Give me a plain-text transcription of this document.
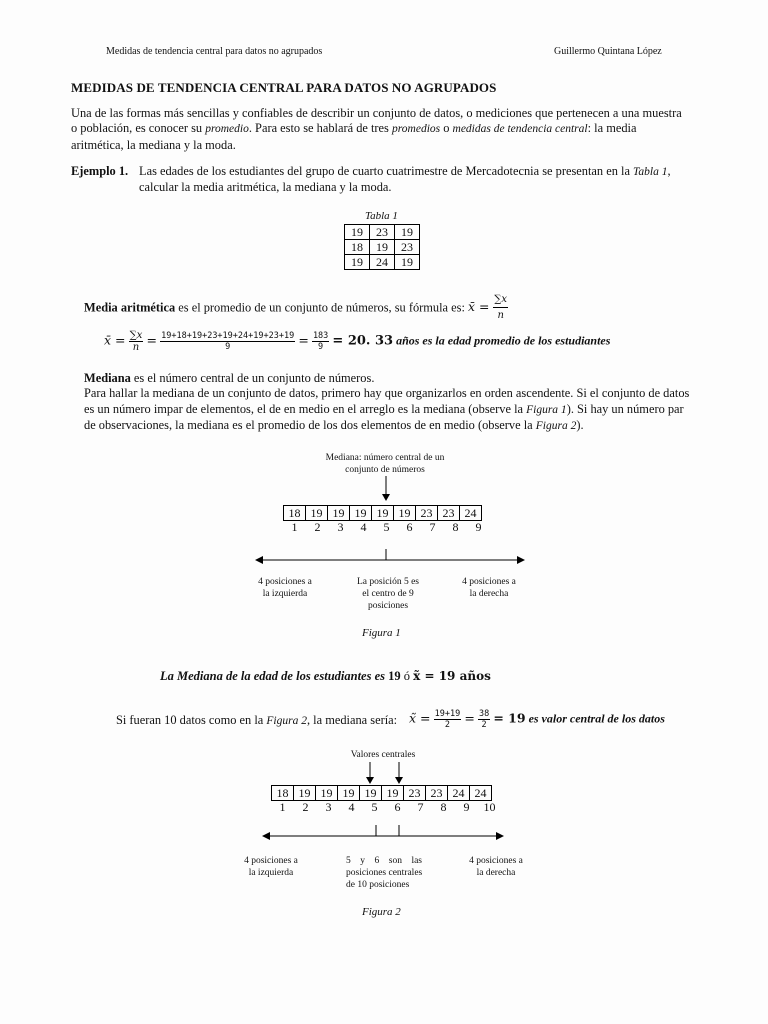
Medidas de tendencia central para datos no agrupados	Guillermo Quintana López
MEDIDAS DE TENDENCIA CENTRAL PARA DATOS NO AGRUPADOS
Una de las formas más sencillas y confiables de describir un conjunto de datos, o mediciones que pertenecen a una muestra
o población, es conocer su promedio. Para esto se hablará de tres promedios o medidas de tendencia central: la media
aritmética, la mediana y la moda.
Ejemplo 1. Las edades de los estudiantes del grupo de cuarto cuatrimestre de Mercadotecnia se presentan en la Tabla 1,
calcular la media aritmética, la mediana y la moda.
Tabla 1
19	23	19
18	19	23
19	24	19
Media aritmética es el promedio de un conjunto de números, su fórmula es: x̄ = $\frac{\sum x}{n}$
x̄ = $\frac{\sum x}{n} = \frac{19+18+19+23+19+24+19+23+19}{9} = \frac{183}{9} = 20$. 33 años es la edad promedio de los estudiantes
Mediana es el número central de un conjunto de números.
Para hallar la mediana de un conjunto de datos, primero hay que organizarlos en orden ascendente. Si el conjunto de datos
es un número impar de elementos, el de en medio en el arreglo es la mediana (observe la Figura 1). Si hay un número par
de observaciones, la mediana es el promedio de los dos elementos de en medio (observe la Figura 2).
Mediana: número central de un
conjunto de números
18	19	19	19	19	19	23	23	24
1	2	3	4	5	6	7	8	9
4 posiciones a
la izquierda
La posición 5 es
el centro de 9
posiciones
4 posiciones a
la derecha
Figura 1
La Mediana de la edad de los estudiantes es 19 ó x̃ = 19 años
Si fueran 10 datos como en la Figura 2, la mediana sería: x̃ = $\frac{19+19}{2} = \frac{38}{2} = 19$ es valor central de los datos
Valores centrales
18	19	19	19	19	19	23	23	24	24
1	2	3	4	5	6	7	8	9	10
4 posiciones a
la izquierda
5    y    6    son    las
posiciones centrales
de 10 posiciones
4 posiciones a
la derecha
Figura 2
